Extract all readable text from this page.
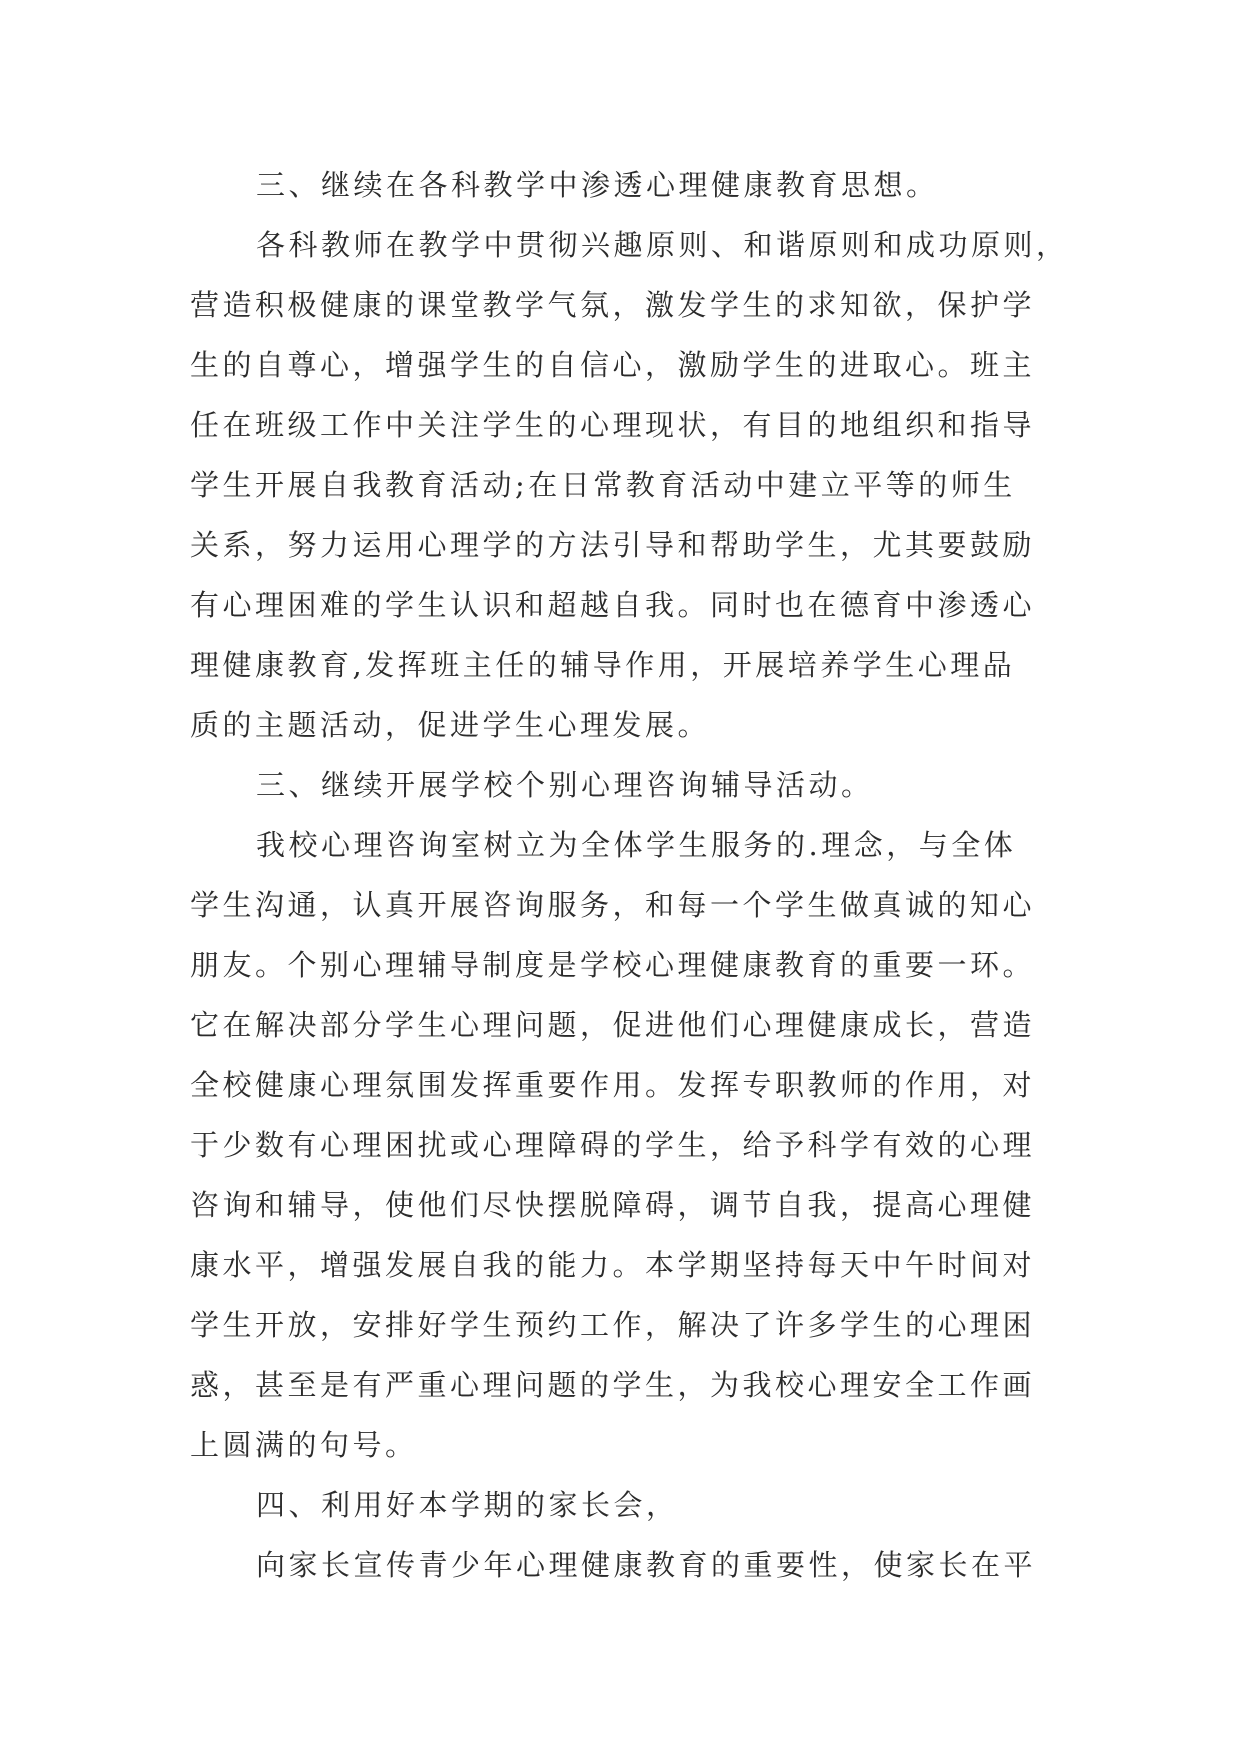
三、继续在各科教学中渗透心理健康教育思想。
各科教师在教学中贯彻兴趣原则、和谐原则和成功原则，
营造积极健康的课堂教学气氛，激发学生的求知欲，保护学
生的自尊心，增强学生的自信心，激励学生的进取心。班主
任在班级工作中关注学生的心理现状，有目的地组织和指导
学生开展自我教育活动;在日常教育活动中建立平等的师生
关系，努力运用心理学的方法引导和帮助学生，尤其要鼓励
有心理困难的学生认识和超越自我。同时也在德育中渗透心
理健康教育,发挥班主任的辅导作用，开展培养学生心理品
质的主题活动，促进学生心理发展。
三、继续开展学校个别心理咨询辅导活动。
我校心理咨询室树立为全体学生服务的.理念，与全体
学生沟通，认真开展咨询服务，和每一个学生做真诚的知心
朋友。个别心理辅导制度是学校心理健康教育的重要一环。
它在解决部分学生心理问题，促进他们心理健康成长，营造
全校健康心理氛围发挥重要作用。发挥专职教师的作用，对
于少数有心理困扰或心理障碍的学生，给予科学有效的心理
咨询和辅导，使他们尽快摆脱障碍，调节自我，提高心理健
康水平，增强发展自我的能力。本学期坚持每天中午时间对
学生开放，安排好学生预约工作，解决了许多学生的心理困
惑，甚至是有严重心理问题的学生，为我校心理安全工作画
上圆满的句号。
四、利用好本学期的家长会，
向家长宣传青少年心理健康教育的重要性，使家长在平
